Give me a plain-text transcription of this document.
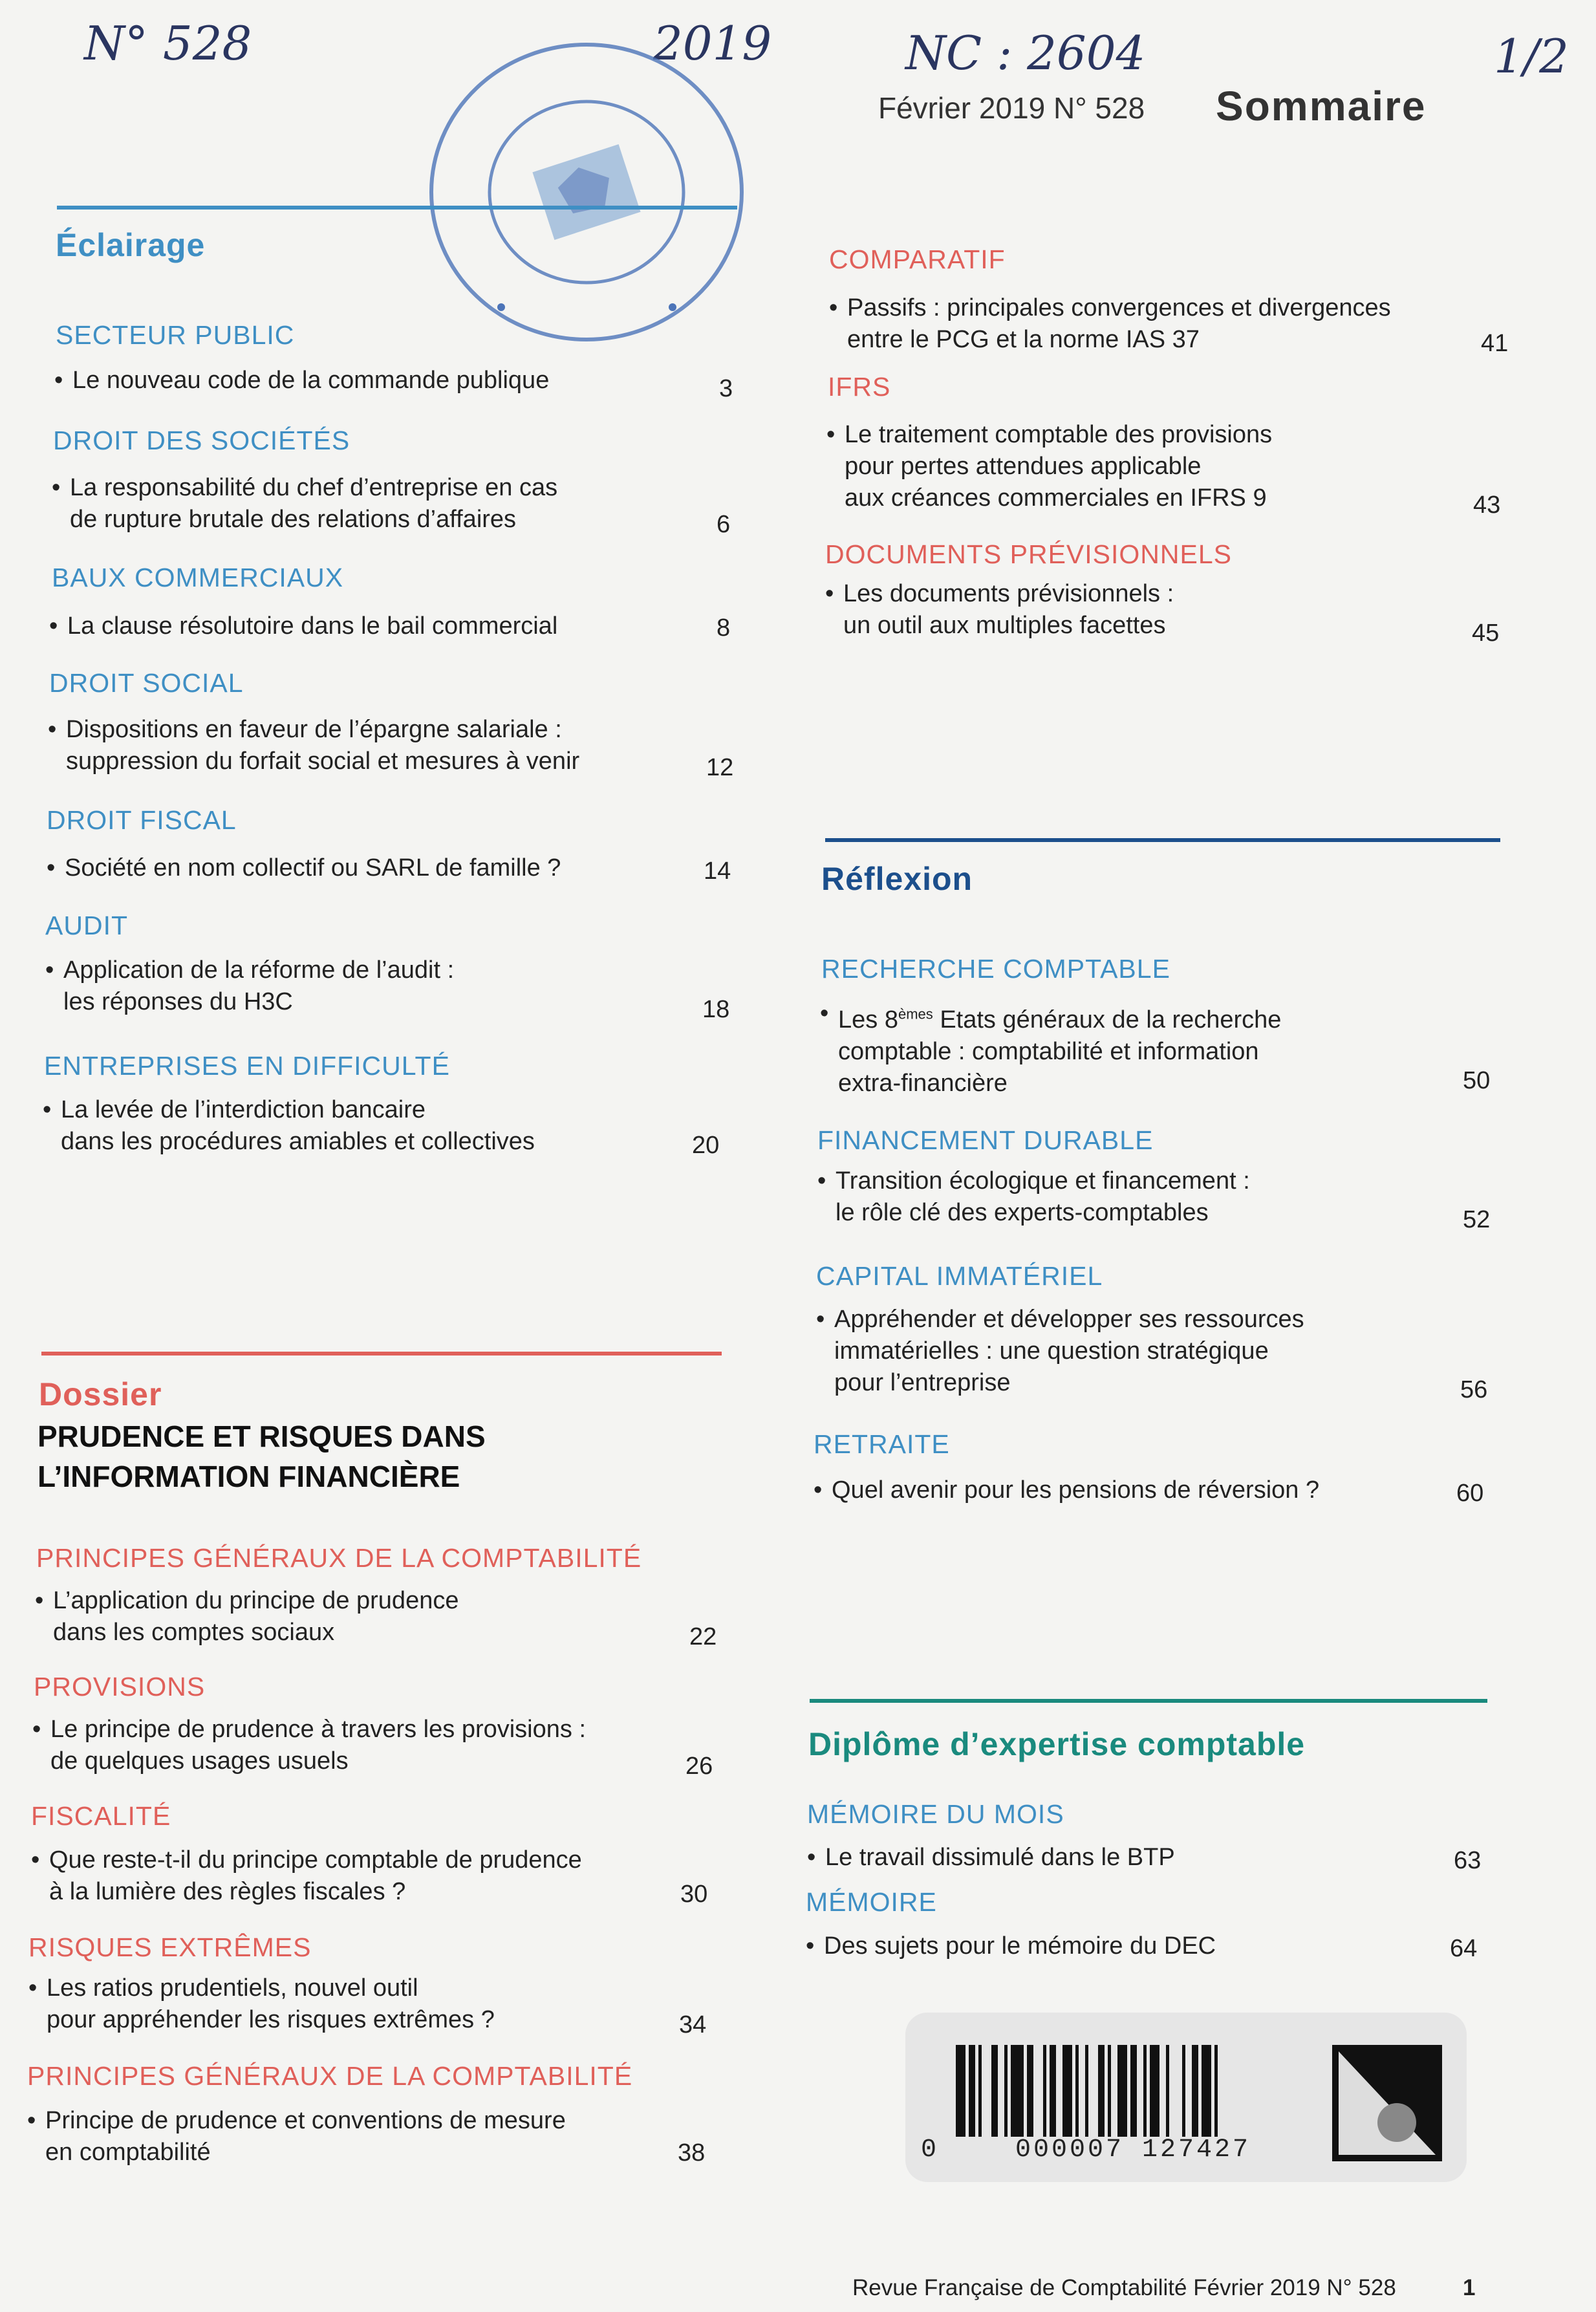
N° 528	2019	NC : 2604	1/2
Février 2019 N° 528 Sommaire
Éclairage
SECTEUR PUBLIC
• Le nouveau code de la commande publique	3
DROIT DES SOCIÉTÉS
• La responsabilité du chef d’entreprise en cas
de rupture brutale des relations d’affaires	6
BAUX COMMERCIAUX
• La clause résolutoire dans le bail commercial	8
DROIT SOCIAL
• Dispositions en faveur de l’épargne salariale :
suppression du forfait social et mesures à venir	12
DROIT FISCAL
• Société en nom collectif ou SARL de famille ?	14
AUDIT
• Application de la réforme de l’audit :
les réponses du H3C	18
ENTREPRISES EN DIFFICULTÉ
• La levée de l’interdiction bancaire
dans les procédures amiables et collectives	20
COMPARATIF
• Passifs : principales convergences et divergences
entre le PCG et la norme IAS 37	41
IFRS
• Le traitement comptable des provisions
pour pertes attendues applicable
aux créances commerciales en IFRS 9	43
DOCUMENTS PRÉVISIONNELS
• Les documents prévisionnels :
un outil aux multiples facettes	45
Réflexion
RECHERCHE COMPTABLE
• Les 8èmes Etats généraux de la recherche
comptable : comptabilité et information
extra-financière	50
FINANCEMENT DURABLE
• Transition écologique et financement :
le rôle clé des experts-comptables	52
CAPITAL IMMATÉRIEL
• Appréhender et développer ses ressources
immatérielles : une question stratégique
pour l’entreprise	56
RETRAITE
• Quel avenir pour les pensions de réversion ?	60
Dossier
PRUDENCE ET RISQUES DANS
L’INFORMATION FINANCIÈRE
PRINCIPES GÉNÉRAUX DE LA COMPTABILITÉ
• L’application du principe de prudence
dans les comptes sociaux	22
PROVISIONS
• Le principe de prudence à travers les provisions :
de quelques usages usuels	26
FISCALITÉ
• Que reste-t-il du principe comptable de prudence
à la lumière des règles fiscales ?	30
RISQUES EXTRÊMES
• Les ratios prudentiels, nouvel outil
pour appréhender les risques extrêmes ?	34
PRINCIPES GÉNÉRAUX DE LA COMPTABILITÉ
• Principe de prudence et conventions de mesure
en comptabilité	38
Diplôme d’expertise comptable
MÉMOIRE DU MOIS
• Le travail dissimulé dans le BTP	63
MÉMOIRE
• Des sujets pour le mémoire du DEC	64
0	000007 127427
Revue Française de Comptabilité Février 2019 N° 528	1
